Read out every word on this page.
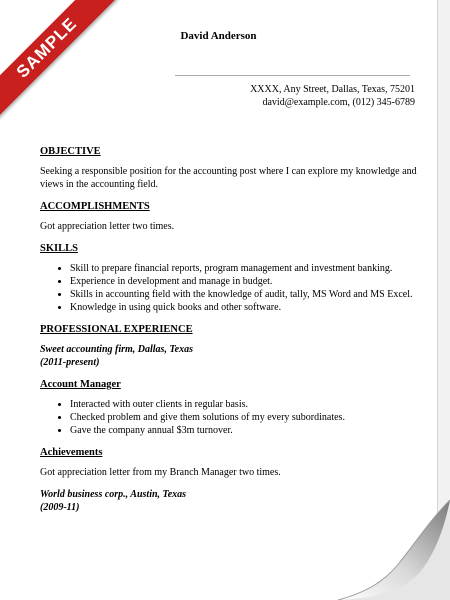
SAMPLE	David Anderson
XXXX, Any Street, Dallas, Texas, 75201
david@example.com, (012) 345-6789
OBJECTIVE
Seeking a responsible position for the accounting post where I can explore my knowledge and views in the accounting field.
ACCOMPLISHMENTS
Got appreciation letter two times.
SKILLS
• Skill to prepare financial reports, program management and investment banking.
• Experience in development and manage in budget.
• Skills in accounting field with the knowledge of audit, tally, MS Word and MS Excel.
• Knowledge in using quick books and other software.
PROFESSIONAL EXPERIENCE
Sweet accounting firm, Dallas, Texas
(2011-present)
Account Manager
• Interacted with outer clients in regular basis.
• Checked problem and give them solutions of my every subordinates.
• Gave the company annual $3m turnover.
Achievements
Got appreciation letter from my Branch Manager two times.
World business corp., Austin, Texas
(2009-11)
